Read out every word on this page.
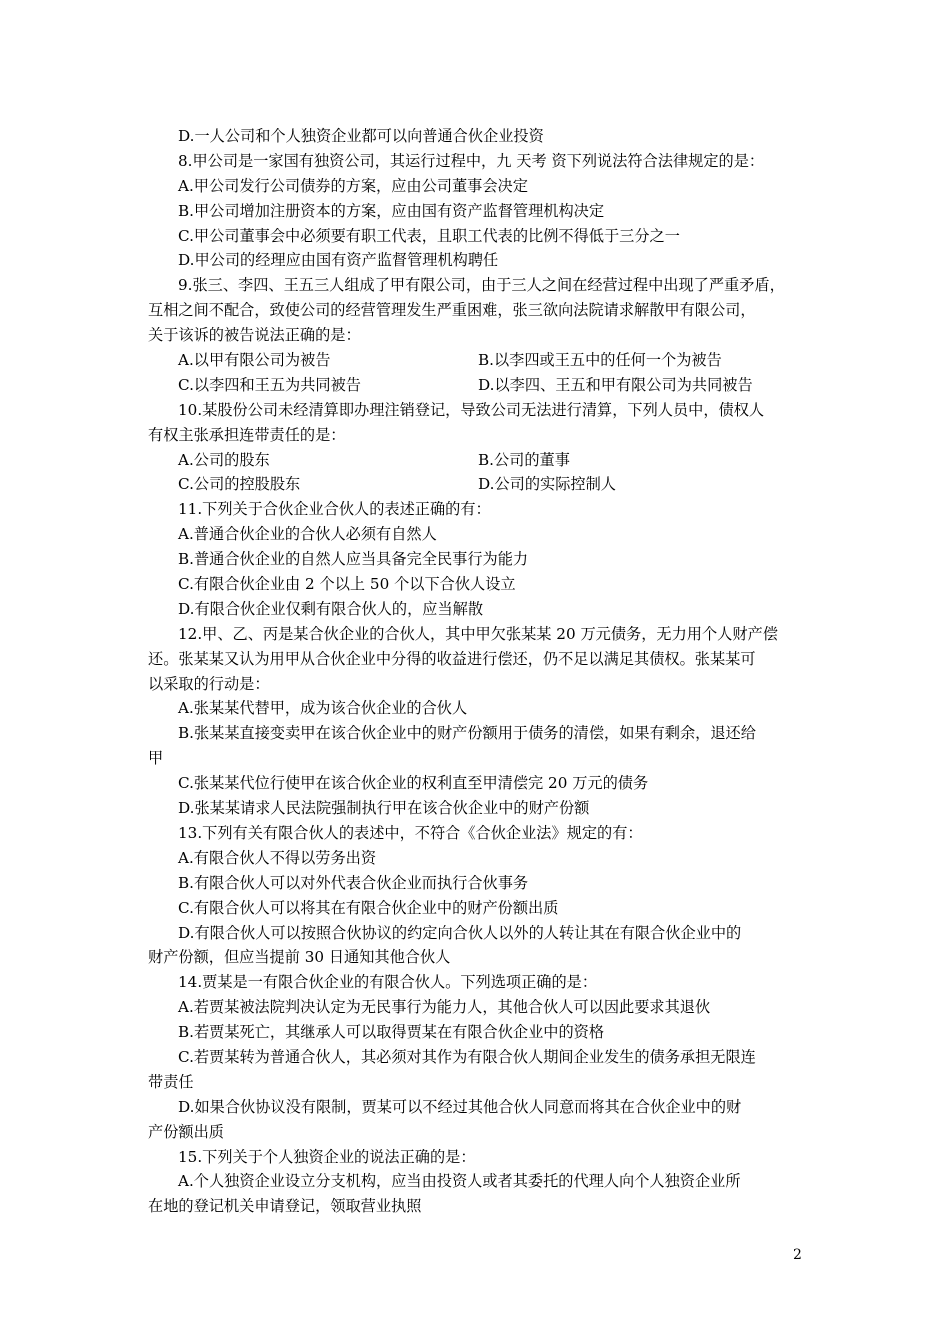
D.一人公司和个人独资企业都可以向普通合伙企业投资
8.甲公司是一家国有独资公司，其运行过程中，九 天考 资下列说法符合法律规定的是：
A.甲公司发行公司债券的方案，应由公司董事会决定
B.甲公司增加注册资本的方案，应由国有资产监督管理机构决定
C.甲公司董事会中必须要有职工代表，且职工代表的比例不得低于三分之一
D.甲公司的经理应由国有资产监督管理机构聘任
9.张三、李四、王五三人组成了甲有限公司，由于三人之间在经营过程中出现了严重矛盾，
互相之间不配合，致使公司的经营管理发生严重困难，张三欲向法院请求解散甲有限公司，
关于该诉的被告说法正确的是：
A.以甲有限公司为被告	B.以李四或王五中的任何一个为被告
C.以李四和王五为共同被告	D.以李四、王五和甲有限公司为共同被告
10.某股份公司未经清算即办理注销登记，导致公司无法进行清算，下列人员中，债权人
有权主张承担连带责任的是：
A.公司的股东	B.公司的董事
C.公司的控股股东	D.公司的实际控制人
11.下列关于合伙企业合伙人的表述正确的有：
A.普通合伙企业的合伙人必须有自然人
B.普通合伙企业的自然人应当具备完全民事行为能力
C.有限合伙企业由 2 个以上 50 个以下合伙人设立
D.有限合伙企业仅剩有限合伙人的，应当解散
12.甲、乙、丙是某合伙企业的合伙人，其中甲欠张某某 20 万元债务，无力用个人财产偿
还。张某某又认为用甲从合伙企业中分得的收益进行偿还，仍不足以满足其债权。张某某可
以采取的行动是：
A.张某某代替甲，成为该合伙企业的合伙人
B.张某某直接变卖甲在该合伙企业中的财产份额用于债务的清偿，如果有剩余，退还给
甲
C.张某某代位行使甲在该合伙企业的权利直至甲清偿完 20 万元的债务
D.张某某请求人民法院强制执行甲在该合伙企业中的财产份额
13.下列有关有限合伙人的表述中，不符合《合伙企业法》规定的有：
A.有限合伙人不得以劳务出资
B.有限合伙人可以对外代表合伙企业而执行合伙事务
C.有限合伙人可以将其在有限合伙企业中的财产份额出质
D.有限合伙人可以按照合伙协议的约定向合伙人以外的人转让其在有限合伙企业中的
财产份额，但应当提前 30 日通知其他合伙人
14.贾某是一有限合伙企业的有限合伙人。下列选项正确的是：
A.若贾某被法院判决认定为无民事行为能力人，其他合伙人可以因此要求其退伙
B.若贾某死亡，其继承人可以取得贾某在有限合伙企业中的资格
C.若贾某转为普通合伙人，其必须对其作为有限合伙人期间企业发生的债务承担无限连
带责任
D.如果合伙协议没有限制，贾某可以不经过其他合伙人同意而将其在合伙企业中的财
产份额出质
15.下列关于个人独资企业的说法正确的是：
A.个人独资企业设立分支机构，应当由投资人或者其委托的代理人向个人独资企业所
在地的登记机关申请登记，领取营业执照
2
